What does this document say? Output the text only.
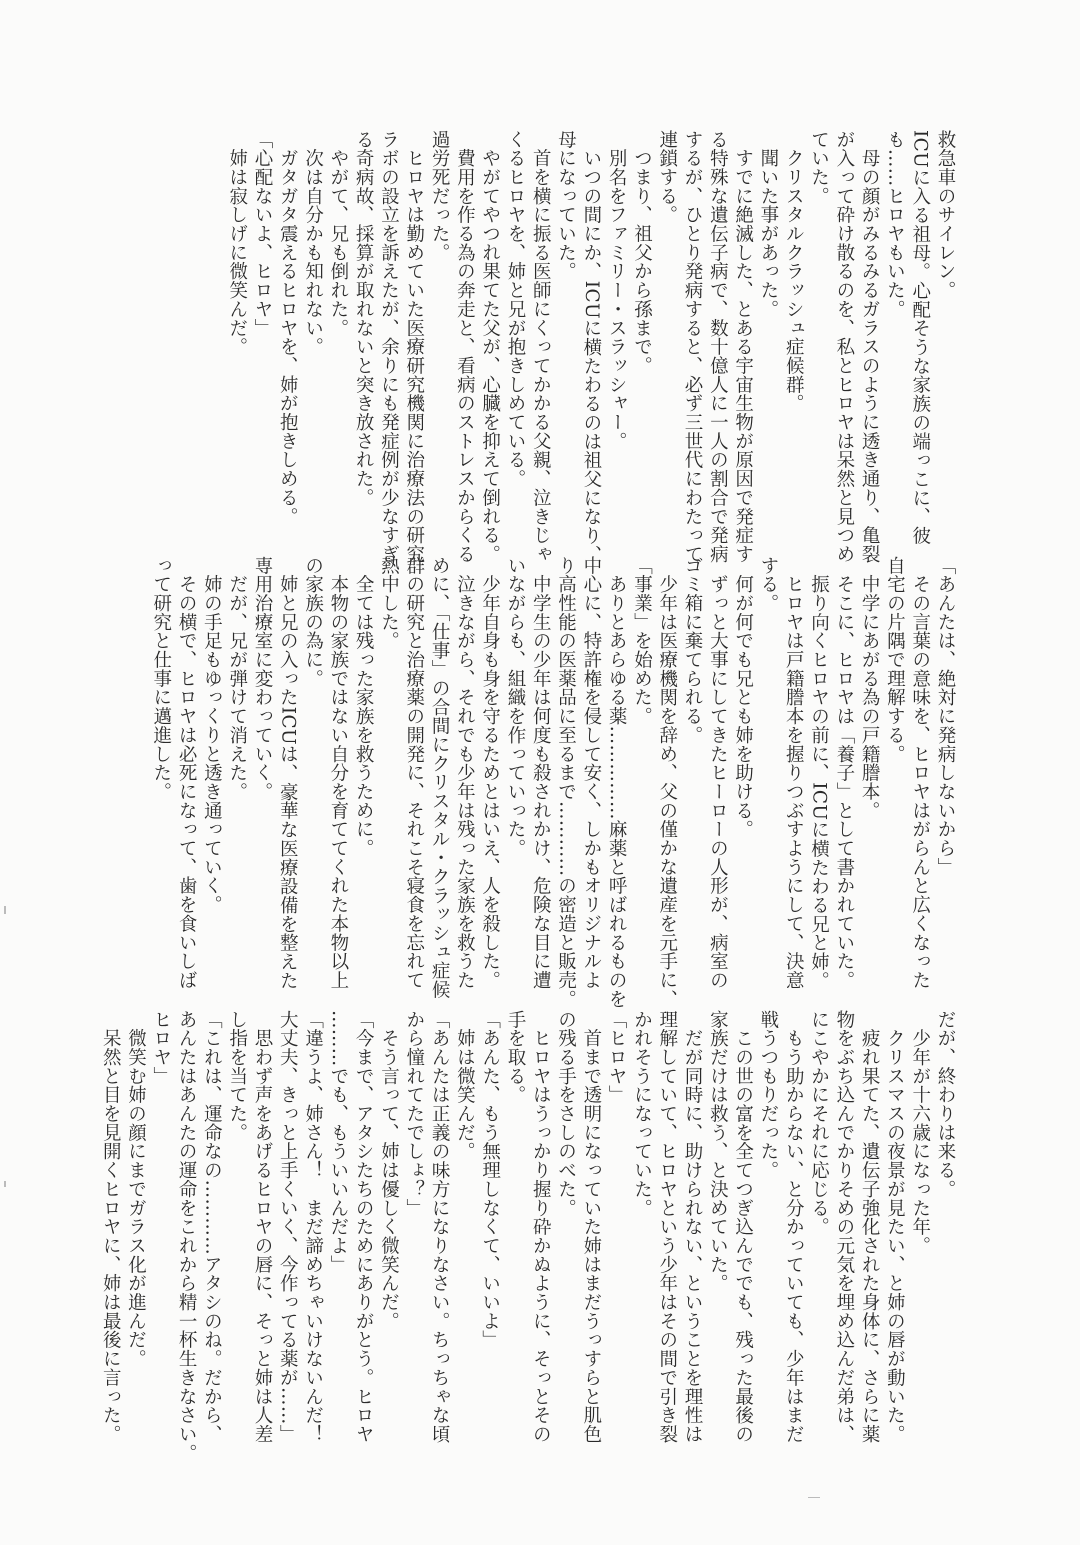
救急車のサイレン。
ICUに入る祖母。心配そうな家族の端っこに、彼
も……ヒロヤもいた。
　母の顔がみるみるガラスのように透き通り、亀裂
が入って砕け散るのを、私とヒロヤは呆然と見つめ
ていた。
　クリスタルクラッシュ症候群。
　聞いた事があった。
　すでに絶滅した、とある宇宙生物が原因で発症す
る特殊な遺伝子病で、数十億人に一人の割合で発病
するが、ひとり発病すると、必ず三世代にわたって
連鎖する。
　つまり、祖父から孫まで。
　別名をファミリー・スラッシャー。
　いつの間にか、ICUに横たわるのは祖父になり、
母になっていた。
　首を横に振る医師にくってかかる父親、泣きじゃ
くるヒロヤを、姉と兄が抱きしめている。
　やがてやつれ果てた父が、心臓を抑えて倒れる。
　費用を作る為の奔走と、看病のストレスからくる
過労死だった。
　ヒロヤは勤めていた医療研究機関に治療法の研究
ラボの設立を訴えたが、余りにも発症例が少なすぎ
る奇病故、採算が取れないと突き放された。
　やがて、兄も倒れた。
　次は自分かも知れない。
　ガタガタ震えるヒロヤを、姉が抱きしめる。
「心配ないよ、ヒロヤ」
　姉は寂しげに微笑んだ。
「あんたは、絶対に発病しないから」
　その言葉の意味を、ヒロヤはがらんと広くなった
自宅の片隅で理解する。
　中学にあがる為の戸籍謄本。
　そこに、ヒロヤは「養子」として書かれていた。
　振り向くヒロヤの前に、ICUに横たわる兄と姉。
　ヒロヤは戸籍謄本を握りつぶすようにして、決意
する。
　何が何でも兄とも姉を助ける。
　ずっと大事にしてきたヒーローの人形が、病室の
ゴミ箱に棄てられる。
　少年は医療機関を辞め、父の僅かな遺産を元手に、
「事業」を始めた。
　ありとあらゆる薬……………麻薬と呼ばれるものを
中心に、特許権を侵して安く、しかもオリジナルよ
り高性能の医薬品に至るまで…………の密造と販売。
　中学生の少年は何度も殺されかけ、危険な目に遭
いながらも、組織を作っていった。
　少年自身も身を守るためとはいえ、人を殺した。
　泣きながら、それでも少年は残った家族を救うた
めに、「仕事」の合間にクリスタル・クラッシュ症候
群の研究と治療薬の開発に、それこそ寝食を忘れて
熱中した。
　全ては残った家族を救うために。
　本物の家族ではない自分を育ててくれた本物以上
の家族の為に。
　姉と兄の入ったICUは、豪華な医療設備を整えた
専用治療室に変わっていく。
　だが、兄が弾けて消えた。
　姉の手足もゆっくりと透き通っていく。
　その横で、ヒロヤは必死になって、歯を食いしば
って研究と仕事に邁進した。
だが、終わりは来る。
　少年が十六歳になった年。
　クリスマスの夜景が見たい、と姉の唇が動いた。
　疲れ果てた、遺伝子強化された身体に、さらに薬
物をぶち込んでかりそめの元気を埋め込んだ弟は、
にこやかにそれに応じる。
　もう助からない、と分かっていても、少年はまだ
戦うつもりだった。
　この世の富を全てつぎ込んででも、残った最後の
家族だけは救う、と決めていた。
　だが同時に、助けられない、ということを理性は
理解していて、ヒロヤという少年はその間で引き裂
かれそうになっていた。
「ヒロヤ」
　首まで透明になっていた姉はまだうっすらと肌色
の残る手をさしのべた。
　ヒロヤはうっかり握り砕かぬように、そっとその
手を取る。
「あんた、もう無理しなくて、いいよ」
　姉は微笑んだ。
「あんたは正義の味方になりなさい。ちっちゃな頃
から憧れてたでしょ？」
　そう言って、姉は優しく微笑んだ。
「今まで、アタシたちのためにありがとう。ヒロヤ
………でも、もういいんだよ」
「違うよ、姉さん！　まだ諦めちゃいけないんだ！
大丈夫、きっと上手くいく、今作ってる薬が……」
　思わず声をあげるヒロヤの唇に、そっと姉は人差
し指を当てた。
「これは、運命なの…………アタシのね。だから、
あんたはあんたの運命をこれから精一杯生きなさい。
ヒロヤ」
　微笑む姉の顔にまでガラス化が進んだ。
　呆然と目を見開くヒロヤに、姉は最後に言った。
